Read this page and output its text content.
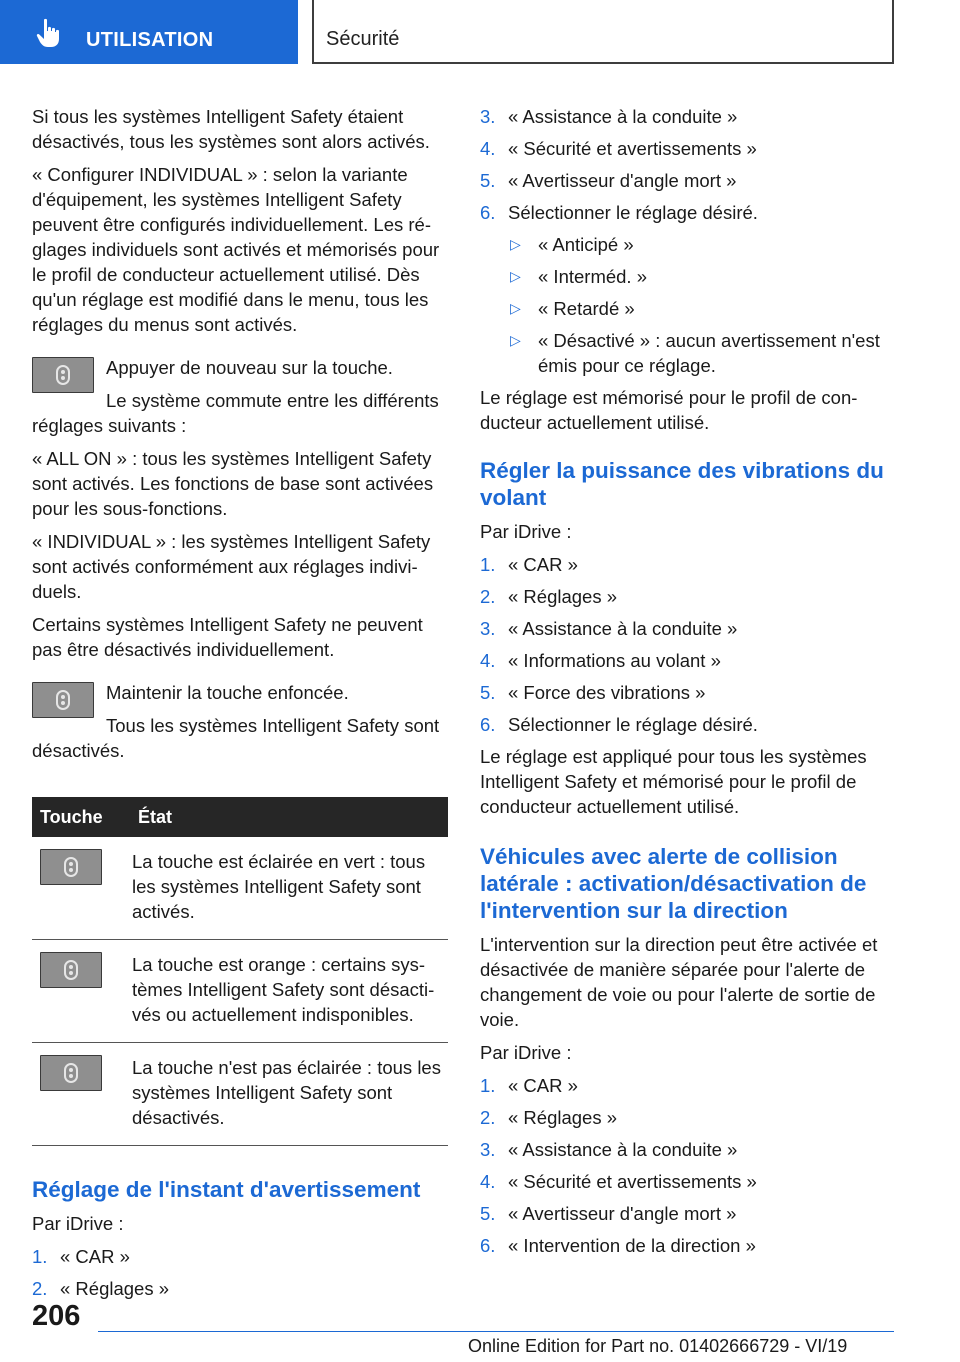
UTILISATION	Sécurité

Si tous les systèmes Intelligent Safety étaient désactivés, tous les systèmes sont alors activés.

« Configurer INDIVIDUAL » : selon la variante d'équipement, les systèmes Intelligent Safety peuvent être configurés individuellement. Les réglages individuels sont activés et mémorisés pour le profil de conducteur actuellement utilisé. Dès qu'un réglage est modifié dans le menu, tous les réglages du menus sont activés.

Appuyer de nouveau sur la touche.

Le système commute entre les différents réglages suivants :

« ALL ON » : tous les systèmes Intelligent Safety sont activés. Les fonctions de base sont activées pour les sous-fonctions.

« INDIVIDUAL » : les systèmes Intelligent Safety sont activés conformément aux réglages individuels.

Certains systèmes Intelligent Safety ne peuvent pas être désactivés individuellement.

Maintenir la touche enfoncée.

Tous les systèmes Intelligent Safety sont désactivés.

Touche	État

	La touche est éclairée en vert : tous les systèmes Intelligent Safety sont activés.

	La touche est orange : certains systèmes Intelligent Safety sont désactivés ou actuellement indisponibles.

	La touche n'est pas éclairée : tous les systèmes Intelligent Safety sont désactivés.
Réglage de l'instant d'avertissement

Par iDrive :

1. « CAR »
2. « Réglages »
3. « Assistance à la conduite »
4. « Sécurité et avertissements »
5. « Avertisseur d'angle mort »
6. Sélectionner le réglage désiré.
▷ « Anticipé »
▷ « Interméd. »
▷ « Retardé »
▷ « Désactivé » : aucun avertissement n'est émis pour ce réglage.

Le réglage est mémorisé pour le profil de conducteur actuellement utilisé.

Régler la puissance des vibrations du volant

Par iDrive :

1. « CAR »
2. « Réglages »
3. « Assistance à la conduite »
4. « Informations au volant »
5. « Force des vibrations »
6. Sélectionner le réglage désiré.

Le réglage est appliqué pour tous les systèmes Intelligent Safety et mémorisé pour le profil de conducteur actuellement utilisé.

Véhicules avec alerte de collision latérale : activation/désactivation de l'intervention sur la direction

L'intervention sur la direction peut être activée et désactivée de manière séparée pour l'alerte de changement de voie ou pour l'alerte de sortie de voie.

Par iDrive :

1. « CAR »
2. « Réglages »
3. « Assistance à la conduite »
4. « Sécurité et avertissements »
5. « Avertisseur d'angle mort »
6. « Intervention de la direction »
206
Online Edition for Part no. 01402666729 - VI/19
